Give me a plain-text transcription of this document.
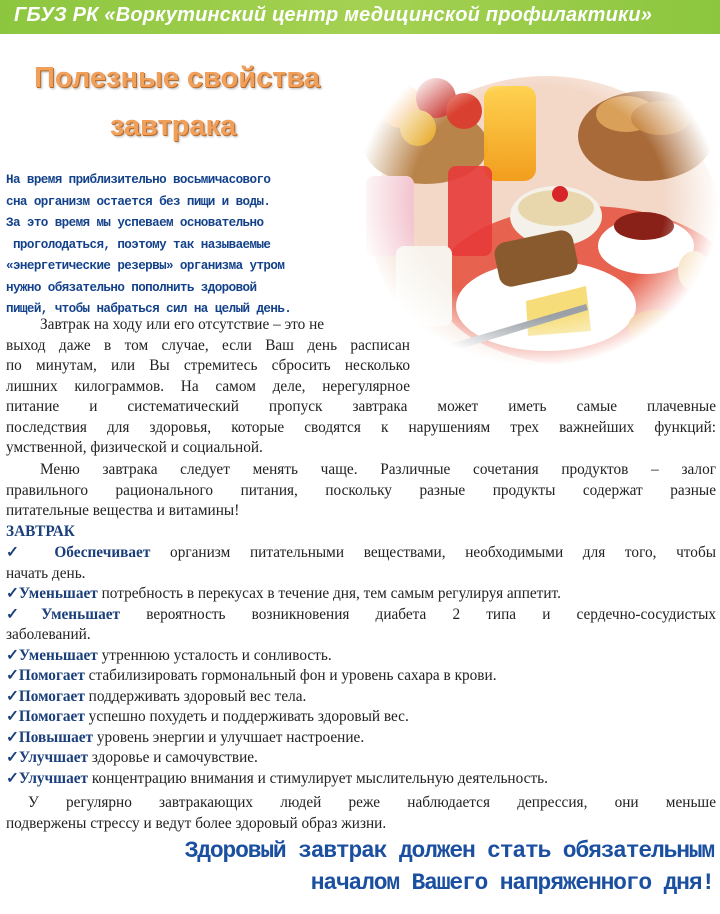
ГБУЗ РК «Воркутинский центр медицинской профилактики»
Полезные свойства
завтрака
На время приблизительно восьмичасового
сна организм остается без пищи и воды.
За это время мы успеваем основательно
проголодаться, поэтому так называемые
«энергетические резервы» организма утром
нужно обязательно пополнить здоровой
пищей, чтобы набраться сил на целый день.
Завтрак на ходу или его отсутствие – это не
выход даже в том случае, если Ваш день расписан
по минутам, или Вы стремитесь сбросить несколько
лишних килограммов. На самом деле, нерегулярное
питание и систематический пропуск завтрака может иметь самые плачевные
последствия для здоровья, которые сводятся к нарушениям трех важнейших функций:
умственной, физической и социальной.
Меню завтрака следует менять чаще. Различные сочетания продуктов – залог
правильного рационального питания, поскольку разные продукты содержат разные
питательные вещества и витамины!
ЗАВТРАК
✓ Обеспечивает организм питательными веществами, необходимыми для того, чтобы
начать день.
✓Уменьшает потребность в перекусах в течение дня, тем самым регулируя аппетит.
✓Уменьшает вероятность возникновения диабета 2 типа и сердечно-сосудистых
заболеваний.
✓Уменьшает утреннюю усталость и сонливость.
✓Помогает стабилизировать гормональный фон и уровень сахара в крови.
✓Помогает поддерживать здоровый вес тела.
✓Помогает успешно похудеть и поддерживать здоровый вес.
✓Повышает уровень энергии и улучшает настроение.
✓Улучшает здоровье и самочувствие.
✓Улучшает концентрацию внимания и стимулирует мыслительную деятельность.
У регулярно завтракающих людей реже наблюдается депрессия, они меньше
подвержены стрессу и ведут более здоровый образ жизни.
Здоровый завтрак должен стать обязательным
началом Вашего напряженного дня!
